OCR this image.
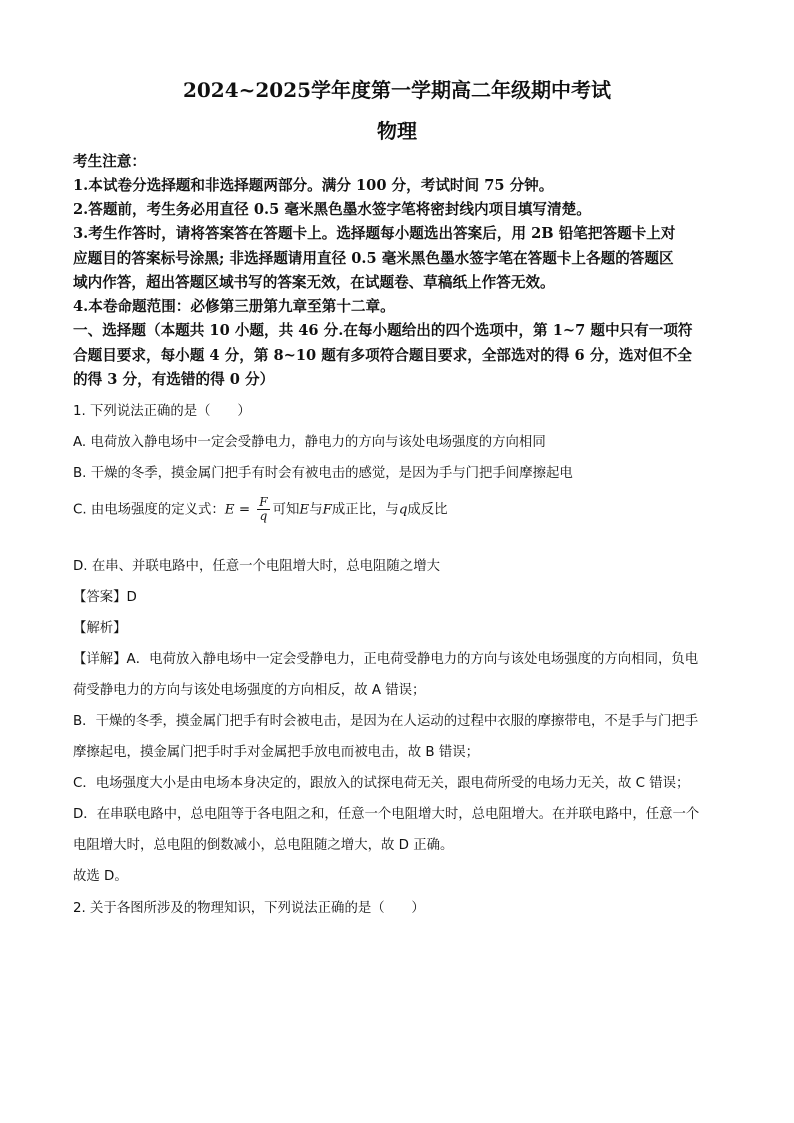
2024~2025学年度第一学期高二年级期中考试
物理
考生注意：
1.本试卷分选择题和非选择题两部分。满分 100 分，考试时间 75 分钟。
2.答题前，考生务必用直径 0.5 毫米黑色墨水签字笔将密封线内项目填写清楚。
3.考生作答时，请将答案答在答题卡上。选择题每小题选出答案后，用 2B 铅笔把答题卡上对
应题目的答案标号涂黑; 非选择题请用直径 0.5 毫米黑色墨水签字笔在答题卡上各题的答题区
域内作答，超出答题区域书写的答案无效，在试题卷、草稿纸上作答无效。
4.本卷命题范围：必修第三册第九章至第十二章。
一、选择题（本题共 10 小题，共 46 分.在每小题给出的四个选项中，第 1~7 题中只有一项符
合题目要求，每小题 4 分，第 8~10 题有多项符合题目要求，全部选对的得 6 分，选对但不全
的得 3 分，有选错的得 0 分）
1. 下列说法正确的是（　　）
A. 电荷放入静电场中一定会受静电力，静电力的方向与该处电场强度的方向相同
B. 干燥的冬季，摸金属门把手有时会有被电击的感觉，是因为手与门把手间摩擦起电
C. 由电场强度的定义式：$E = \frac{F}{q}$ 可知E与F成正比，与q成反比
D. 在串、并联电路中，任意一个电阻增大时，总电阻随之增大
【答案】D
【解析】
【详解】A．电荷放入静电场中一定会受静电力，正电荷受静电力的方向与该处电场强度的方向相同，负电
荷受静电力的方向与该处电场强度的方向相反，故 A 错误；
B．干燥的冬季，摸金属门把手有时会被电击，是因为在人运动的过程中衣服的摩擦带电，不是手与门把手
摩擦起电，摸金属门把手时手对金属把手放电而被电击，故 B 错误；
C．电场强度大小是由电场本身决定的，跟放入的试探电荷无关，跟电荷所受的电场力无关，故 C 错误；
D．在串联电路中，总电阻等于各电阻之和，任意一个电阻增大时，总电阻增大。在并联电路中，任意一个
电阻增大时，总电阻的倒数减小，总电阻随之增大，故 D 正确。
故选 D。
2. 关于各图所涉及的物理知识，下列说法正确的是（　　）
